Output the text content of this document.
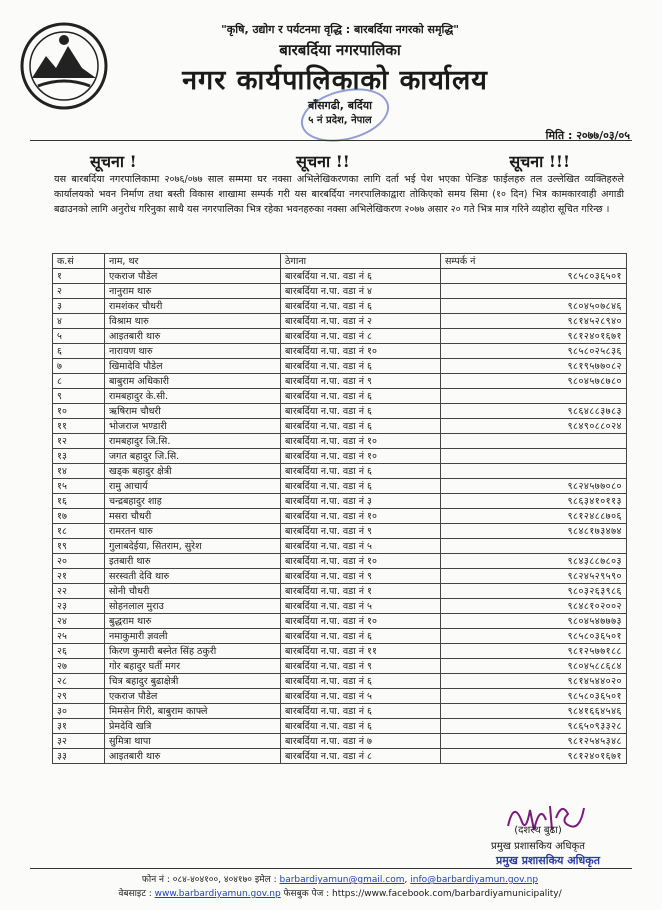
"कृषि, उद्योग र पर्यटनमा वृद्धि : बारबर्दिया नगरको समृद्धि"
बारबर्दिया नगरपालिका
नगर कार्यपालिकाको कार्यालय
बाँसगढी, बर्दिया
५ नं प्रदेश, नेपाल
मिति : २०७७/०३/०५
सूचना !	सूचना !!	सूचना !!!
यस बारबर्दिया नगरपालिकामा २०७६/०७७ साल सम्ममा घर नक्सा अभिलेखिकरणका लागि दर्ता भई पेश भएका पेन्डिङ फाईलहरु तल उल्लेखित व्यक्तिहरुले कार्यालयको भवन निर्माण तथा बस्ती विकास शाखामा सम्पर्क गरी यस बारबर्दिया नगरपालिकाद्वारा तोकिएको समय सिमा (१० दिन) भित्र कामकारवाही अगाडी बढाउनको लागि अनुरोध गरिनुका साथै यस नगरपालिका भित्र रहेका भवनहरुका नक्सा अभिलेखिकरण २०७७ असार २० गते भित्र मात्र गरिने व्यहोरा सूचित गरिन्छ ।
क.सं	नाम, थर	ठेगाना	सम्पर्क नं
१	एकराज पौडेल	बारबर्दिया न.पा. वडा नं ६	९८५८०३६५०१
२	नानुराम थारु	बारबर्दिया न.पा. वडा नं ४	
३	रामशंकर चौधरी	बारबर्दिया न.पा. वडा नं ६	९८०४५०७८४६
४	विश्राम थारु	बारबर्दिया न.पा. वडा नं २	९८१४५२८९४०
५	आइतबारी थारु	बारबर्दिया न.पा. वडा नं ८	९८१२४०१६७१
६	नारायण थारु	बारबर्दिया न.पा. वडा नं १०	९८५८०२५८३६
७	खिमादेवि पौडेल	बारबर्दिया न.पा. वडा नं ६	९८१९५७७०८२
८	बाबुराम अधिकारी	बारबर्दिया न.पा. वडा नं ९	९८०४५७८७८०
९	रामबहादुर के.सी.	बारबर्दिया न.पा. वडा नं ६	
१०	ऋषिराम चौधरी	बारबर्दिया न.पा. वडा नं ६	९८६४८८३७८३
११	भोजराज भण्डारी	बारबर्दिया न.पा. वडा नं ६	९८४९०८८०२४
१२	रामबहादुर जि.सि.	बारबर्दिया न.पा. वडा नं १०	
१३	जगत बहादुर जि.सि.	बारबर्दिया न.पा. वडा नं १०	
१४	खड्क बहादुर क्षेत्री	बारबर्दिया न.पा. वडा नं ६	
१५	रामु आचार्य	बारबर्दिया न.पा. वडा नं ६	९८२४५७७०८०
१६	चन्द्रबहादुर शाह	बारबर्दिया न.पा. वडा नं ३	९८६३४१०११३
१७	मसरा चौधरी	बारबर्दिया न.पा. वडा नं १०	९८१२४८८७०६
१८	रामरतन थारु	बारबर्दिया न.पा. वडा नं ९	९८४८१७३४७४
१९	गुलाबदेईया, सितराम, सुरेश	बारबर्दिया न.पा. वडा नं ५	
२०	इतबारी थारु	बारबर्दिया न.पा. वडा नं १०	९८४३८८७८०३
२१	सरस्वती देवि थारु	बारबर्दिया न.पा. वडा नं ९	९८२४५२९५९०
२२	सोनी चौधरी	बारबर्दिया न.पा. वडा नं १	९८०३२६३९८६
२३	सोहनलाल मुराउ	बारबर्दिया न.पा. वडा नं ५	९८४८१०२००२
२४	बुद्धराम थारु	बारबर्दिया न.पा. वडा नं १०	९८०४५४७७७३
२५	नमाकुमारी ज्ञवली	बारबर्दिया न.पा. वडा नं ६	९८५८०३६५०१
२६	किरण कुमारी बस्नेत सिंह ठकुरी	बारबर्दिया न.पा. वडा नं ११	९८१२५७७१८८
२७	गोर बहादुर घर्ती मगर	बारबर्दिया न.पा. वडा नं ९	९८०४५८८६८४
२८	चित्र बहादुर बुढाक्षेत्री	बारबर्दिया न.पा. वडा नं ६	९८१४५४४०२०
२९	एकराज पौडेल	बारबर्दिया न.पा. वडा नं ५	९८५८०३६५०१
३०	मिमसेन गिरी, बाबुराम काफ्ले	बारबर्दिया न.पा. वडा नं ६	९८४१६६४५४६
३१	प्रेमदेवि खत्रि	बारबर्दिया न.पा. वडा नं ६	९८६५०९३३२८
३२	सुमित्रा थापा	बारबर्दिया न.पा. वडा नं ७	९८१२५४५३४८
३३	आइतबारी थारु	बारबर्दिया न.पा. वडा नं ८	९८१२४०१६७१
(दशरथ बुढा)
प्रमुख प्रशासकिय अधिकृत
प्रमुख प्रशासकिय अधिकृत
फोन नं : ०८४-४०४१००, ४०४१७० इमेल : barbardiyamun@gmail.com, info@barbardiyamun.gov.np
वेबसाइट : www.barbardiyamun.gov.np फेसबुक पेज : https://www.facebook.com/barbardiyamunicipality/
